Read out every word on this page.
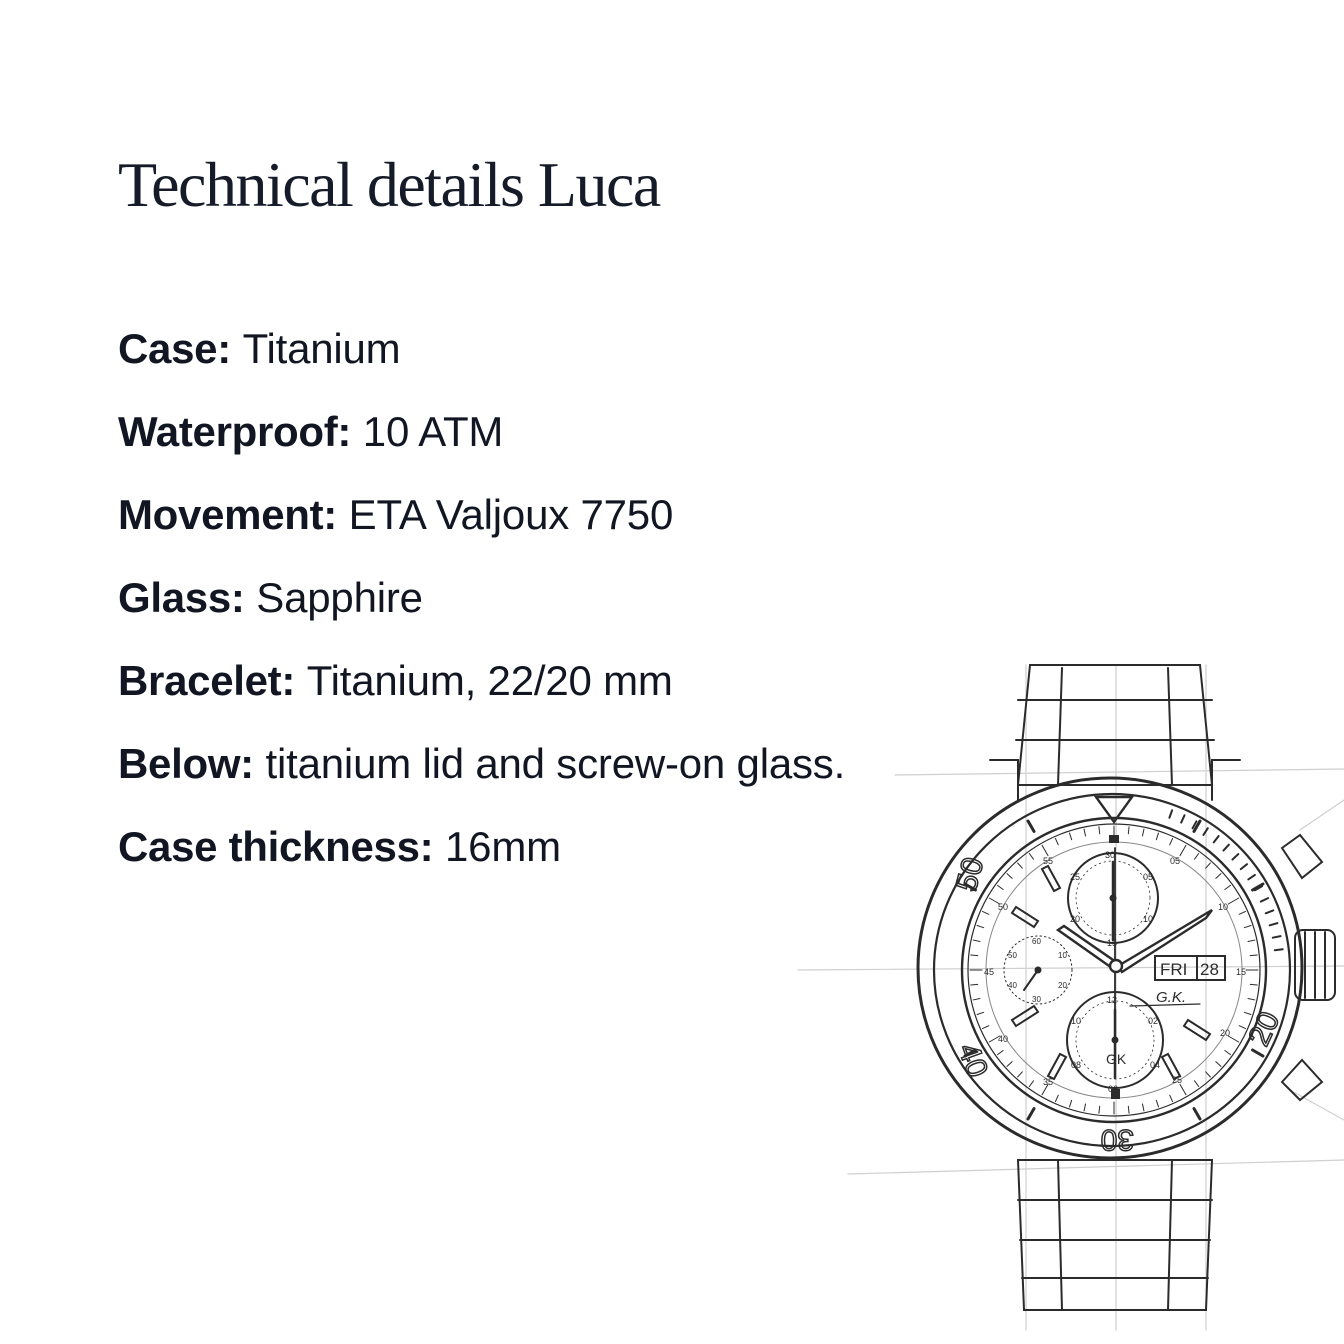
Technical details Luca
Case: Titanium
Waterproof: 10 ATM
Movement: ETA Valjoux 7750
Glass: Sapphire
Bracelet: Titanium, 22/20 mm
Below: titanium lid and screw-on glass.
Case thickness: 16mm
50
20
40
30
55	05
50	10
45	15
40
20
35	25
30
25	05
20	10
15
GK
12
10	02
08	04
06
60
50	10
40	20
30
FRI 28
G.K.
